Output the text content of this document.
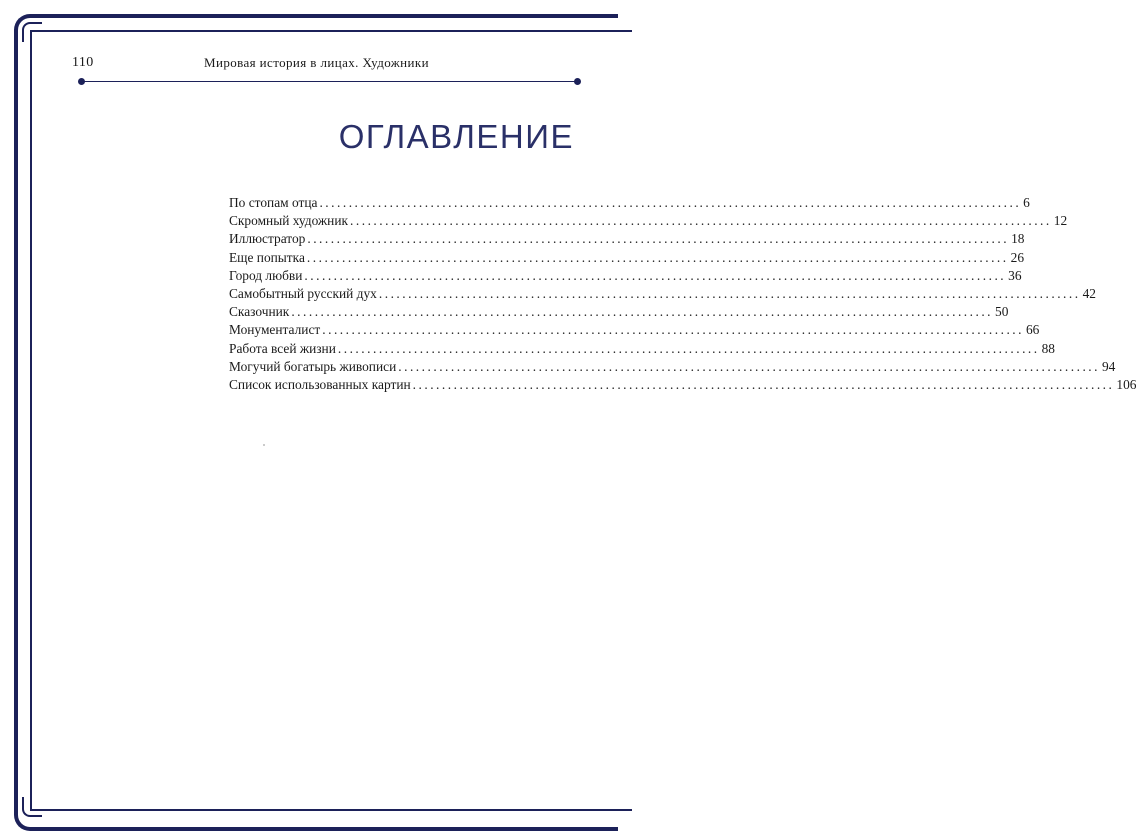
110	Мировая история в лицах. Художники
ОГЛАВЛЕНИЕ
По стопам отца ........................................................................................................................ 6
Скромный художник ........................................................................................................................ 12
Иллюстратор ........................................................................................................................ 18
Еще попытка ........................................................................................................................ 26
Город любви ........................................................................................................................ 36
Самобытный русский дух ........................................................................................................................ 42
Сказочник ........................................................................................................................ 50
Монументалист ........................................................................................................................ 66
Работа всей жизни ........................................................................................................................ 88
Могучий богатырь живописи ........................................................................................................................ 94
Список использованных картин ........................................................................................................................ 106
